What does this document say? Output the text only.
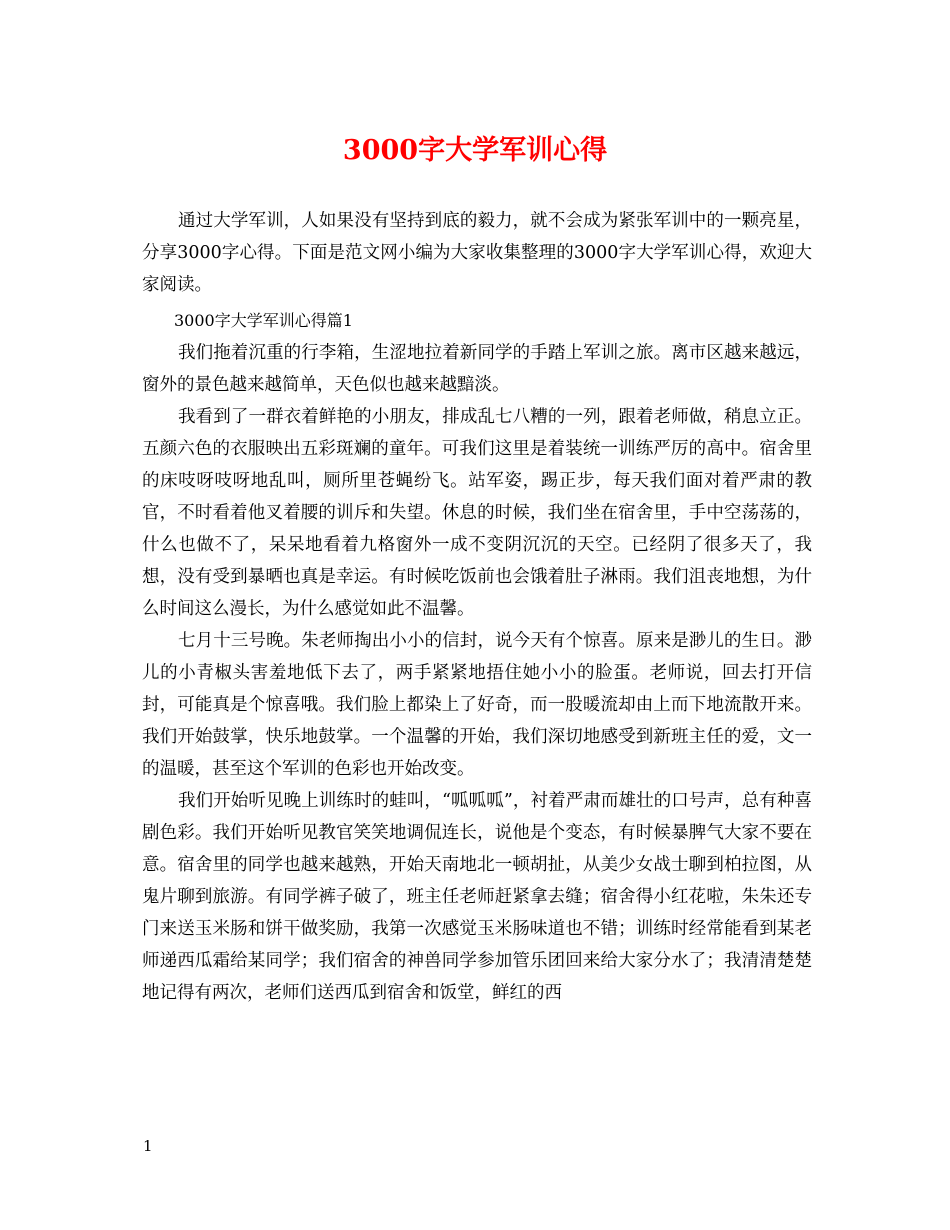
3000字大学军训心得

通过大学军训，人如果没有坚持到底的毅力，就不会成为紧张军训中的一颗亮星，分享3000字心得。下面是范文网小编为大家收集整理的3000字大学军训心得，欢迎大家阅读。

3000字大学军训心得篇1

我们拖着沉重的行李箱，生涩地拉着新同学的手踏上军训之旅。离市区越来越远，窗外的景色越来越简单，天色似也越来越黯淡。

我看到了一群衣着鲜艳的小朋友，排成乱七八糟的一列，跟着老师做，稍息立正。五颜六色的衣服映出五彩斑斓的童年。可我们这里是着装统一训练严厉的高中。宿舍里的床吱呀吱呀地乱叫，厕所里苍蝇纷飞。站军姿，踢正步，每天我们面对着严肃的教官，不时看着他叉着腰的训斥和失望。休息的时候，我们坐在宿舍里，手中空荡荡的，什么也做不了，呆呆地看着九格窗外一成不变阴沉沉的天空。已经阴了很多天了，我想，没有受到暴晒也真是幸运。有时候吃饭前也会饿着肚子淋雨。我们沮丧地想，为什么时间这么漫长，为什么感觉如此不温馨。

七月十三号晚。朱老师掏出小小的信封，说今天有个惊喜。原来是渺儿的生日。渺儿的小青椒头害羞地低下去了，两手紧紧地捂住她小小的脸蛋。老师说，回去打开信封，可能真是个惊喜哦。我们脸上都染上了好奇，而一股暖流却由上而下地流散开来。我们开始鼓掌，快乐地鼓掌。一个温馨的开始，我们深切地感受到新班主任的爱，文一的温暖，甚至这个军训的色彩也开始改变。

我们开始听见晚上训练时的蛙叫，“呱呱呱”，衬着严肃而雄壮的口号声，总有种喜剧色彩。我们开始听见教官笑笑地调侃连长，说他是个变态，有时候暴脾气大家不要在意。宿舍里的同学也越来越熟，开始天南地北一顿胡扯，从美少女战士聊到柏拉图，从鬼片聊到旅游。有同学裤子破了，班主任老师赶紧拿去缝；宿舍得小红花啦，朱朱还专门来送玉米肠和饼干做奖励，我第一次感觉玉米肠味道也不错；训练时经常能看到某老师递西瓜霜给某同学；我们宿舍的神兽同学参加管乐团回来给大家分水了；我清清楚楚地记得有两次，老师们送西瓜到宿舍和饭堂，鲜红的西

1
